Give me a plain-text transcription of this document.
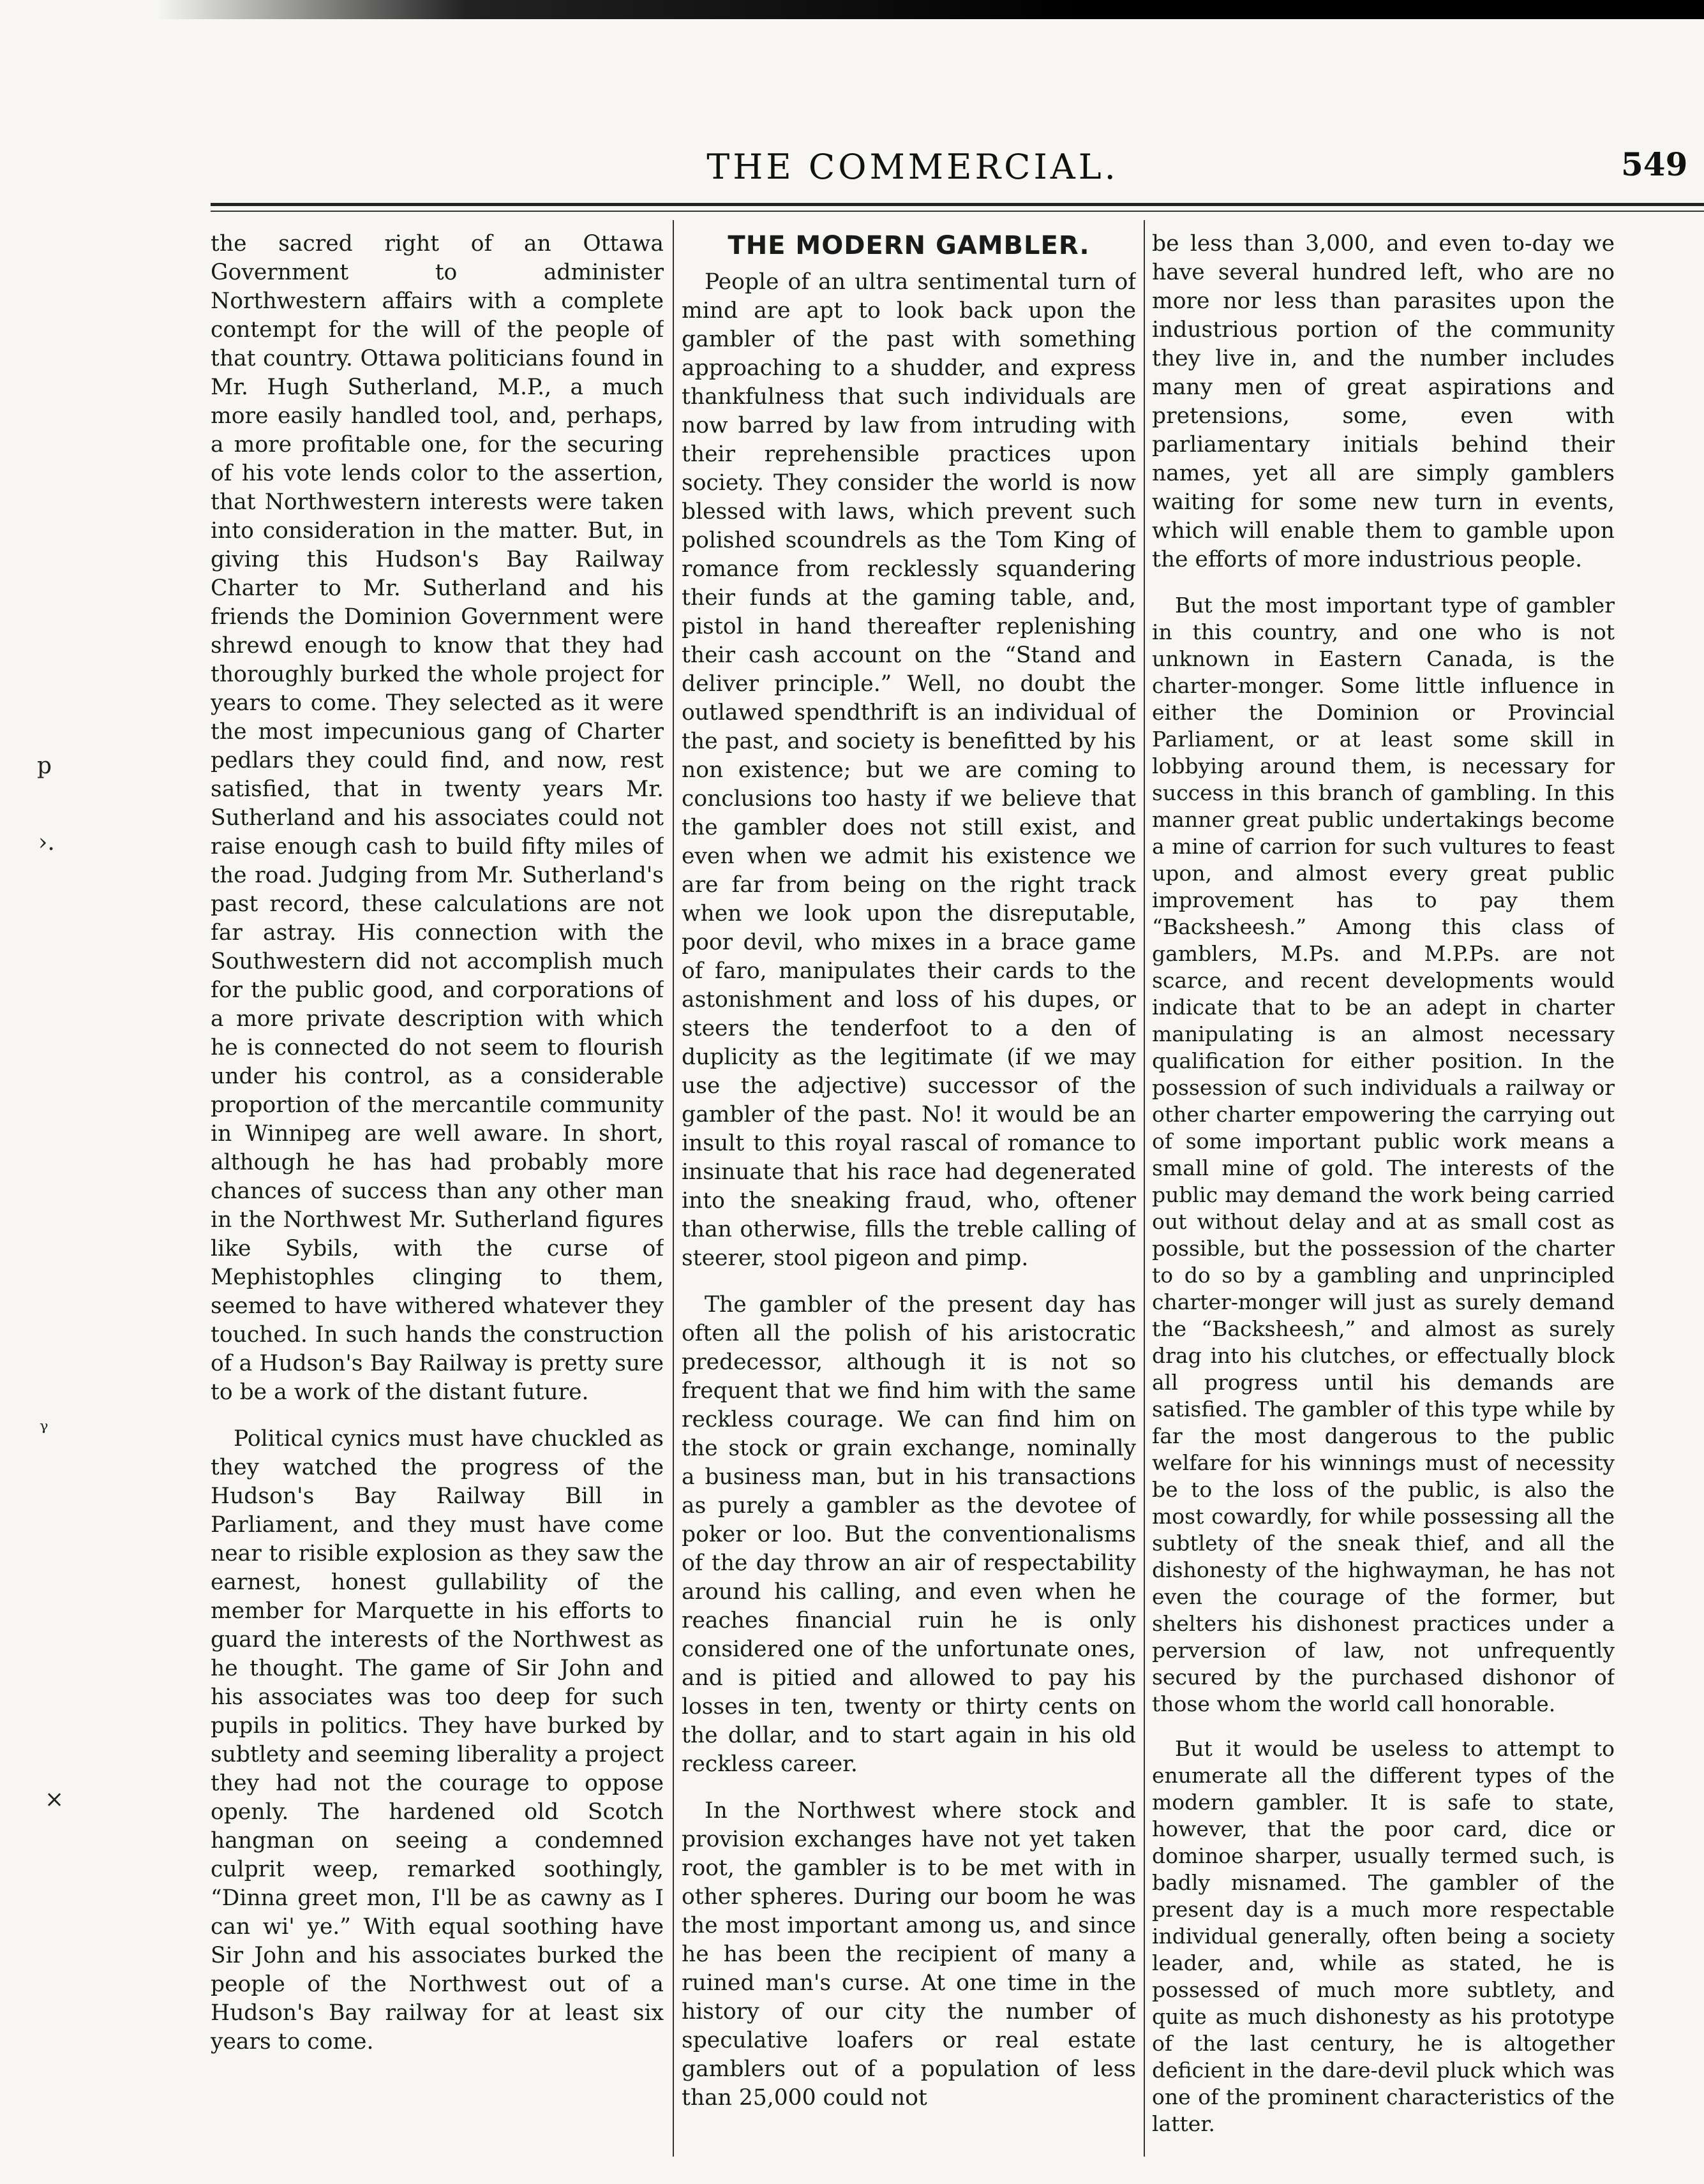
p
›.
ᵧ
×
THE COMMERCIAL.	549

the sacred right of an Ottawa Government to administer Northwestern affairs with a complete contempt for the will of the people of that country. Ottawa politicians found in Mr. Hugh Sutherland, M.P., a much more easily handled tool, and, perhaps, a more profitable one, for the securing of his vote lends color to the assertion, that Northwestern interests were taken into consideration in the matter. But, in giving this Hudson's Bay Railway Charter to Mr. Sutherland and his friends the Dominion Government were shrewd enough to know that they had thoroughly burked the whole project for years to come. They selected as it were the most impecunious gang of Charter pedlars they could find, and now, rest satisfied, that in twenty years Mr. Sutherland and his associates could not raise enough cash to build fifty miles of the road. Judging from Mr. Sutherland's past record, these calculations are not far astray. His connection with the Southwestern did not accomplish much for the public good, and corporations of a more private description with which he is connected do not seem to flourish under his control, as a considerable proportion of the mercantile community in Winnipeg are well aware. In short, although he has had probably more chances of success than any other man in the Northwest Mr. Sutherland figures like Sybils, with the curse of Mephistophles clinging to them, seemed to have withered whatever they touched. In such hands the construction of a Hudson's Bay Railway is pretty sure to be a work of the distant future.

Political cynics must have chuckled as they watched the progress of the Hudson's Bay Railway Bill in Parliament, and they must have come near to risible explosion as they saw the earnest, honest gullability of the member for Marquette in his efforts to guard the interests of the Northwest as he thought. The game of Sir John and his associates was too deep for such pupils in politics. They have burked by subtlety and seeming liberality a project they had not the courage to oppose openly. The hardened old Scotch hangman on seeing a condemned culprit weep, remarked soothingly, “Dinna greet mon, I'll be as cawny as I can wi' ye.” With equal soothing have Sir John and his associates burked the people of the Northwest out of a Hudson's Bay railway for at least six years to come.

THE MODERN GAMBLER.

People of an ultra sentimental turn of mind are apt to look back upon the gambler of the past with something approaching to a shudder, and express thankfulness that such individuals are now barred by law from intruding with their reprehensible practices upon society. They consider the world is now blessed with laws, which prevent such polished scoundrels as the Tom King of romance from recklessly squandering their funds at the gaming table, and, pistol in hand thereafter replenishing their cash account on the “Stand and deliver principle.” Well, no doubt the outlawed spendthrift is an individual of the past, and society is benefitted by his non existence; but we are coming to conclusions too hasty if we believe that the gambler does not still exist, and even when we admit his existence we are far from being on the right track when we look upon the disreputable, poor devil, who mixes in a brace game of faro, manipulates their cards to the astonishment and loss of his dupes, or steers the tenderfoot to a den of duplicity as the legitimate (if we may use the adjective) successor of the gambler of the past. No! it would be an insult to this royal rascal of romance to insinuate that his race had degenerated into the sneaking fraud, who, oftener than otherwise, fills the treble calling of steerer, stool pigeon and pimp.

The gambler of the present day has often all the polish of his aristocratic predecessor, although it is not so frequent that we find him with the same reckless courage. We can find him on the stock or grain exchange, nominally a business man, but in his transactions as purely a gambler as the devotee of poker or loo. But the conventionalisms of the day throw an air of respectability around his calling, and even when he reaches financial ruin he is only considered one of the unfortunate ones, and is pitied and allowed to pay his losses in ten, twenty or thirty cents on the dollar, and to start again in his old reckless career.

In the Northwest where stock and provision exchanges have not yet taken root, the gambler is to be met with in other spheres. During our boom he was the most important among us, and since he has been the recipient of many a ruined man's curse. At one time in the history of our city the number of speculative loafers or real estate gamblers out of a population of less than 25,000 could not

be less than 3,000, and even to-day we have several hundred left, who are no more nor less than parasites upon the industrious portion of the community they live in, and the number includes many men of great aspirations and pretensions, some, even with parliamentary initials behind their names, yet all are simply gamblers waiting for some new turn in events, which will enable them to gamble upon the efforts of more industrious people.

But the most important type of gambler in this country, and one who is not unknown in Eastern Canada, is the charter-monger. Some little influence in either the Dominion or Provincial Parliament, or at least some skill in lobbying around them, is necessary for success in this branch of gambling. In this manner great public undertakings become a mine of carrion for such vultures to feast upon, and almost every great public improvement has to pay them “Backsheesh.” Among this class of gamblers, M.Ps. and M.P.Ps. are not scarce, and recent developments would indicate that to be an adept in charter manipulating is an almost necessary qualification for either position. In the possession of such individuals a railway or other charter empowering the carrying out of some important public work means a small mine of gold. The interests of the public may demand the work being carried out without delay and at as small cost as possible, but the possession of the charter to do so by a gambling and unprincipled charter-monger will just as surely demand the “Backsheesh,” and almost as surely drag into his clutches, or effectually block all progress until his demands are satisfied. The gambler of this type while by far the most dangerous to the public welfare for his winnings must of necessity be to the loss of the public, is also the most cowardly, for while possessing all the subtlety of the sneak thief, and all the dishonesty of the highwayman, he has not even the courage of the former, but shelters his dishonest practices under a perversion of law, not unfrequently secured by the purchased dishonor of those whom the world call honorable.

But it would be useless to attempt to enumerate all the different types of the modern gambler. It is safe to state, however, that the poor card, dice or dominoe sharper, usually termed such, is badly misnamed. The gambler of the present day is a much more respectable individual generally, often being a society leader, and, while as stated, he is possessed of much more subtlety, and quite as much dishonesty as his prototype of the last century, he is altogether deficient in the dare-devil pluck which was one of the prominent characteristics of the latter.
